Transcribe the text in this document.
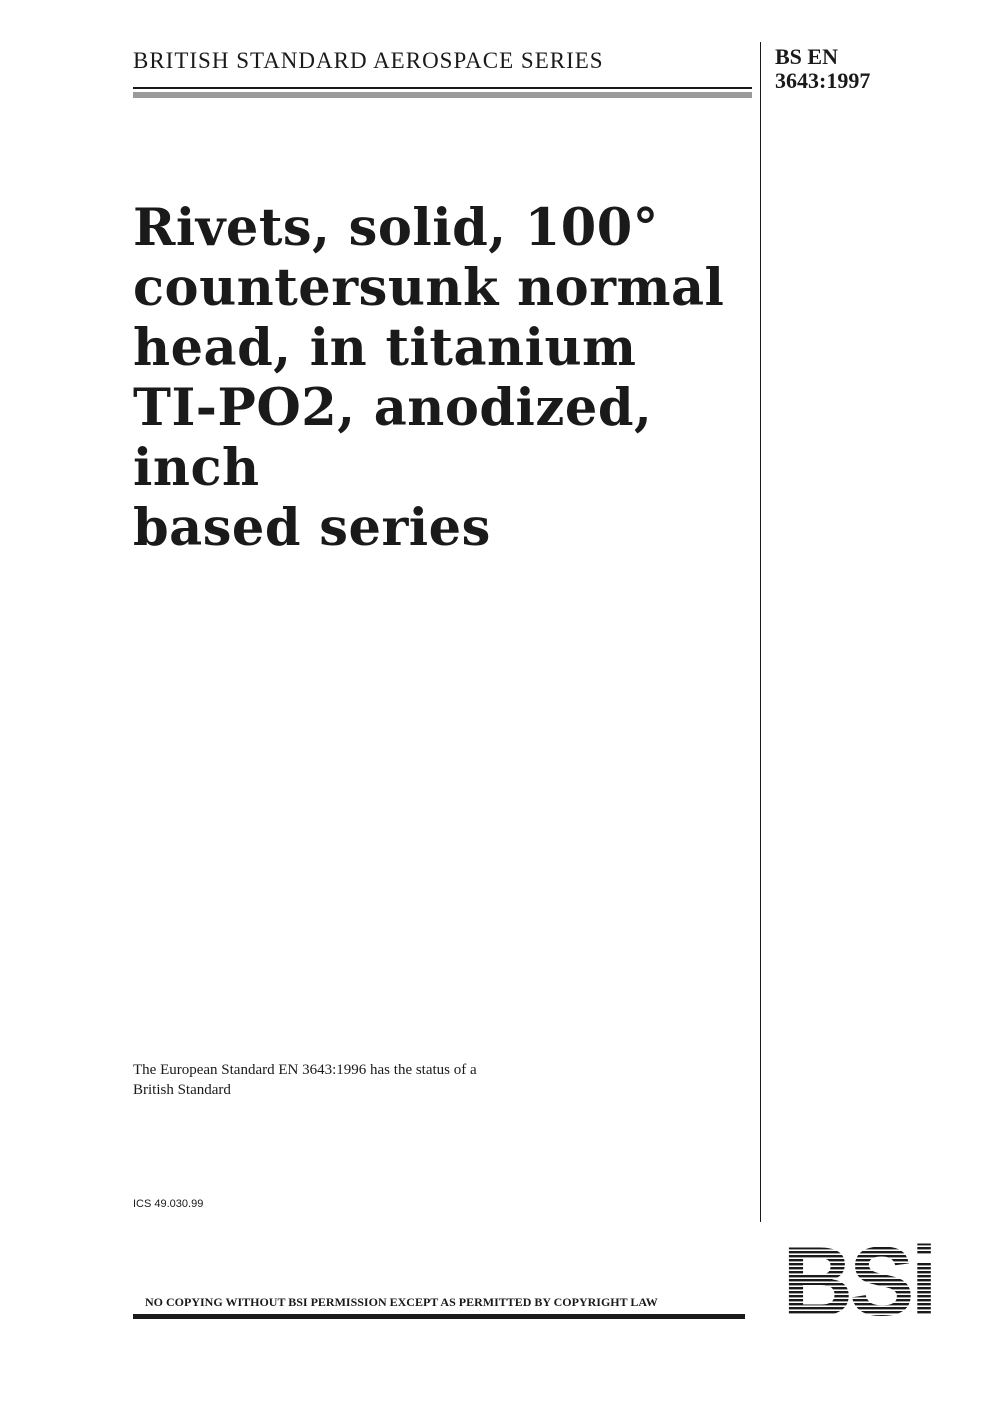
BRITISH STANDARD AEROSPACE SERIES	BS EN
3643:1997
Rivets, solid, 100°
countersunk normal
head, in titanium
TI-PO2, anodized, inch
based series
The European Standard EN 3643:1996 has the status of a
British Standard
ICS 49.030.99
NO COPYING WITHOUT BSI PERMISSION EXCEPT AS PERMITTED BY COPYRIGHT LAW
